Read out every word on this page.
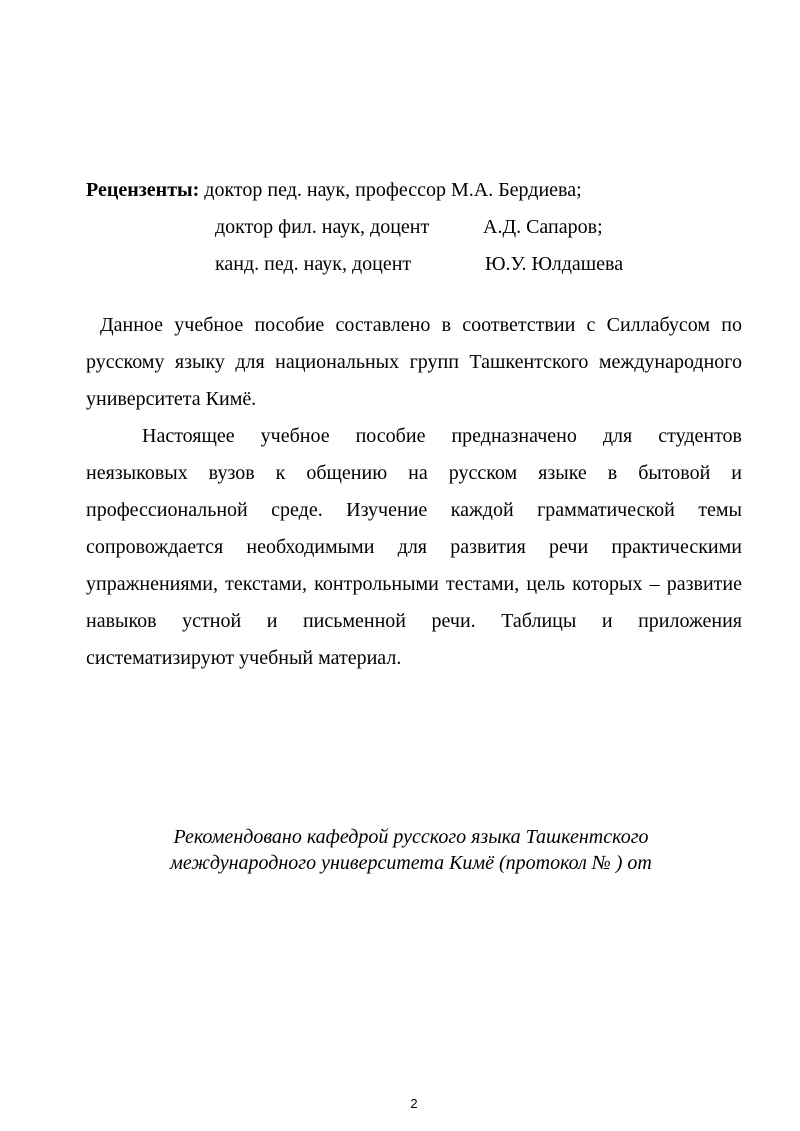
Рецензенты: доктор пед. наук, профессор М.А. Бердиева;
доктор фил. наук, доцент	А.Д. Сапаров;
канд. пед. наук, доцент	Ю.У. Юлдашева

Данное учебное пособие составлено в соответствии с Силлабусом по русскому языку для национальных групп Ташкентского международного университета Кимё.

Настоящее учебное пособие предназначено для студентов неязыковых вузов к общению на русском языке в бытовой и профессиональной среде. Изучение каждой грамматической темы сопровождается необходимыми для развития речи практическими упражнениями, текстами, контрольными тестами, цель которых – развитие навыков устной и письменной речи. Таблицы и приложения систематизируют учебный материал.

Рекомендовано кафедрой русского языка Ташкентского
международного университета Кимё (протокол № ) от

2
